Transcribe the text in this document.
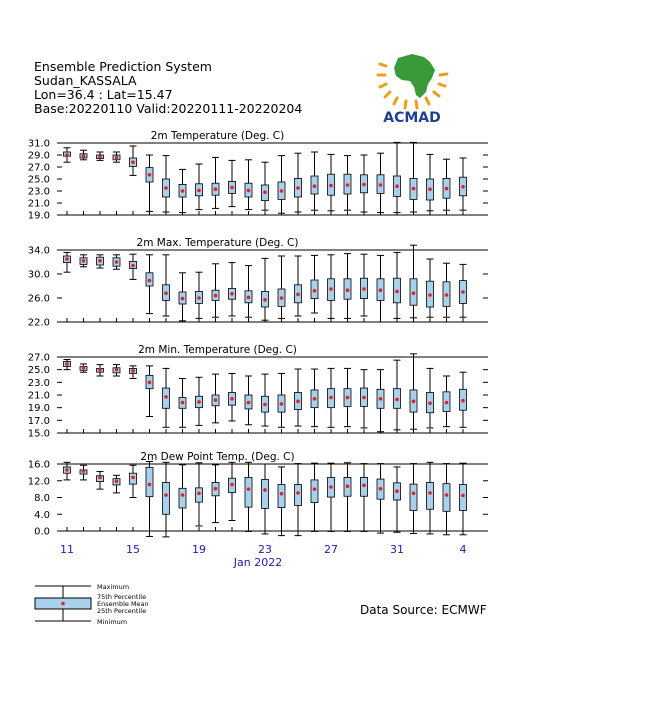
Ensemble Prediction System
Sudan_KASSALA
Lon=36.4 : Lat=15.47
Base:20220110 Valid:20220111-20220204
ACMAD
2m Temperature (Deg. C)
31.0
29.0
27.0
25.0
23.0
21.0
19.0
2m Max. Temperature (Deg. C)
34.0
30.0
26.0
22.0
2m Min. Temperature (Deg. C)
27.0
25.0
23.0
21.0
19.0
17.0
15.0
2m Dew Point Temp. (Deg. C)
16.0
12.0
8.0
4.0
0.0
11	15	19	23	27	31	4
Jan 2022
Maximum
75th Percentile
Ensemble Mean
25th Percentile
Minimum
Data Source: ECMWF
